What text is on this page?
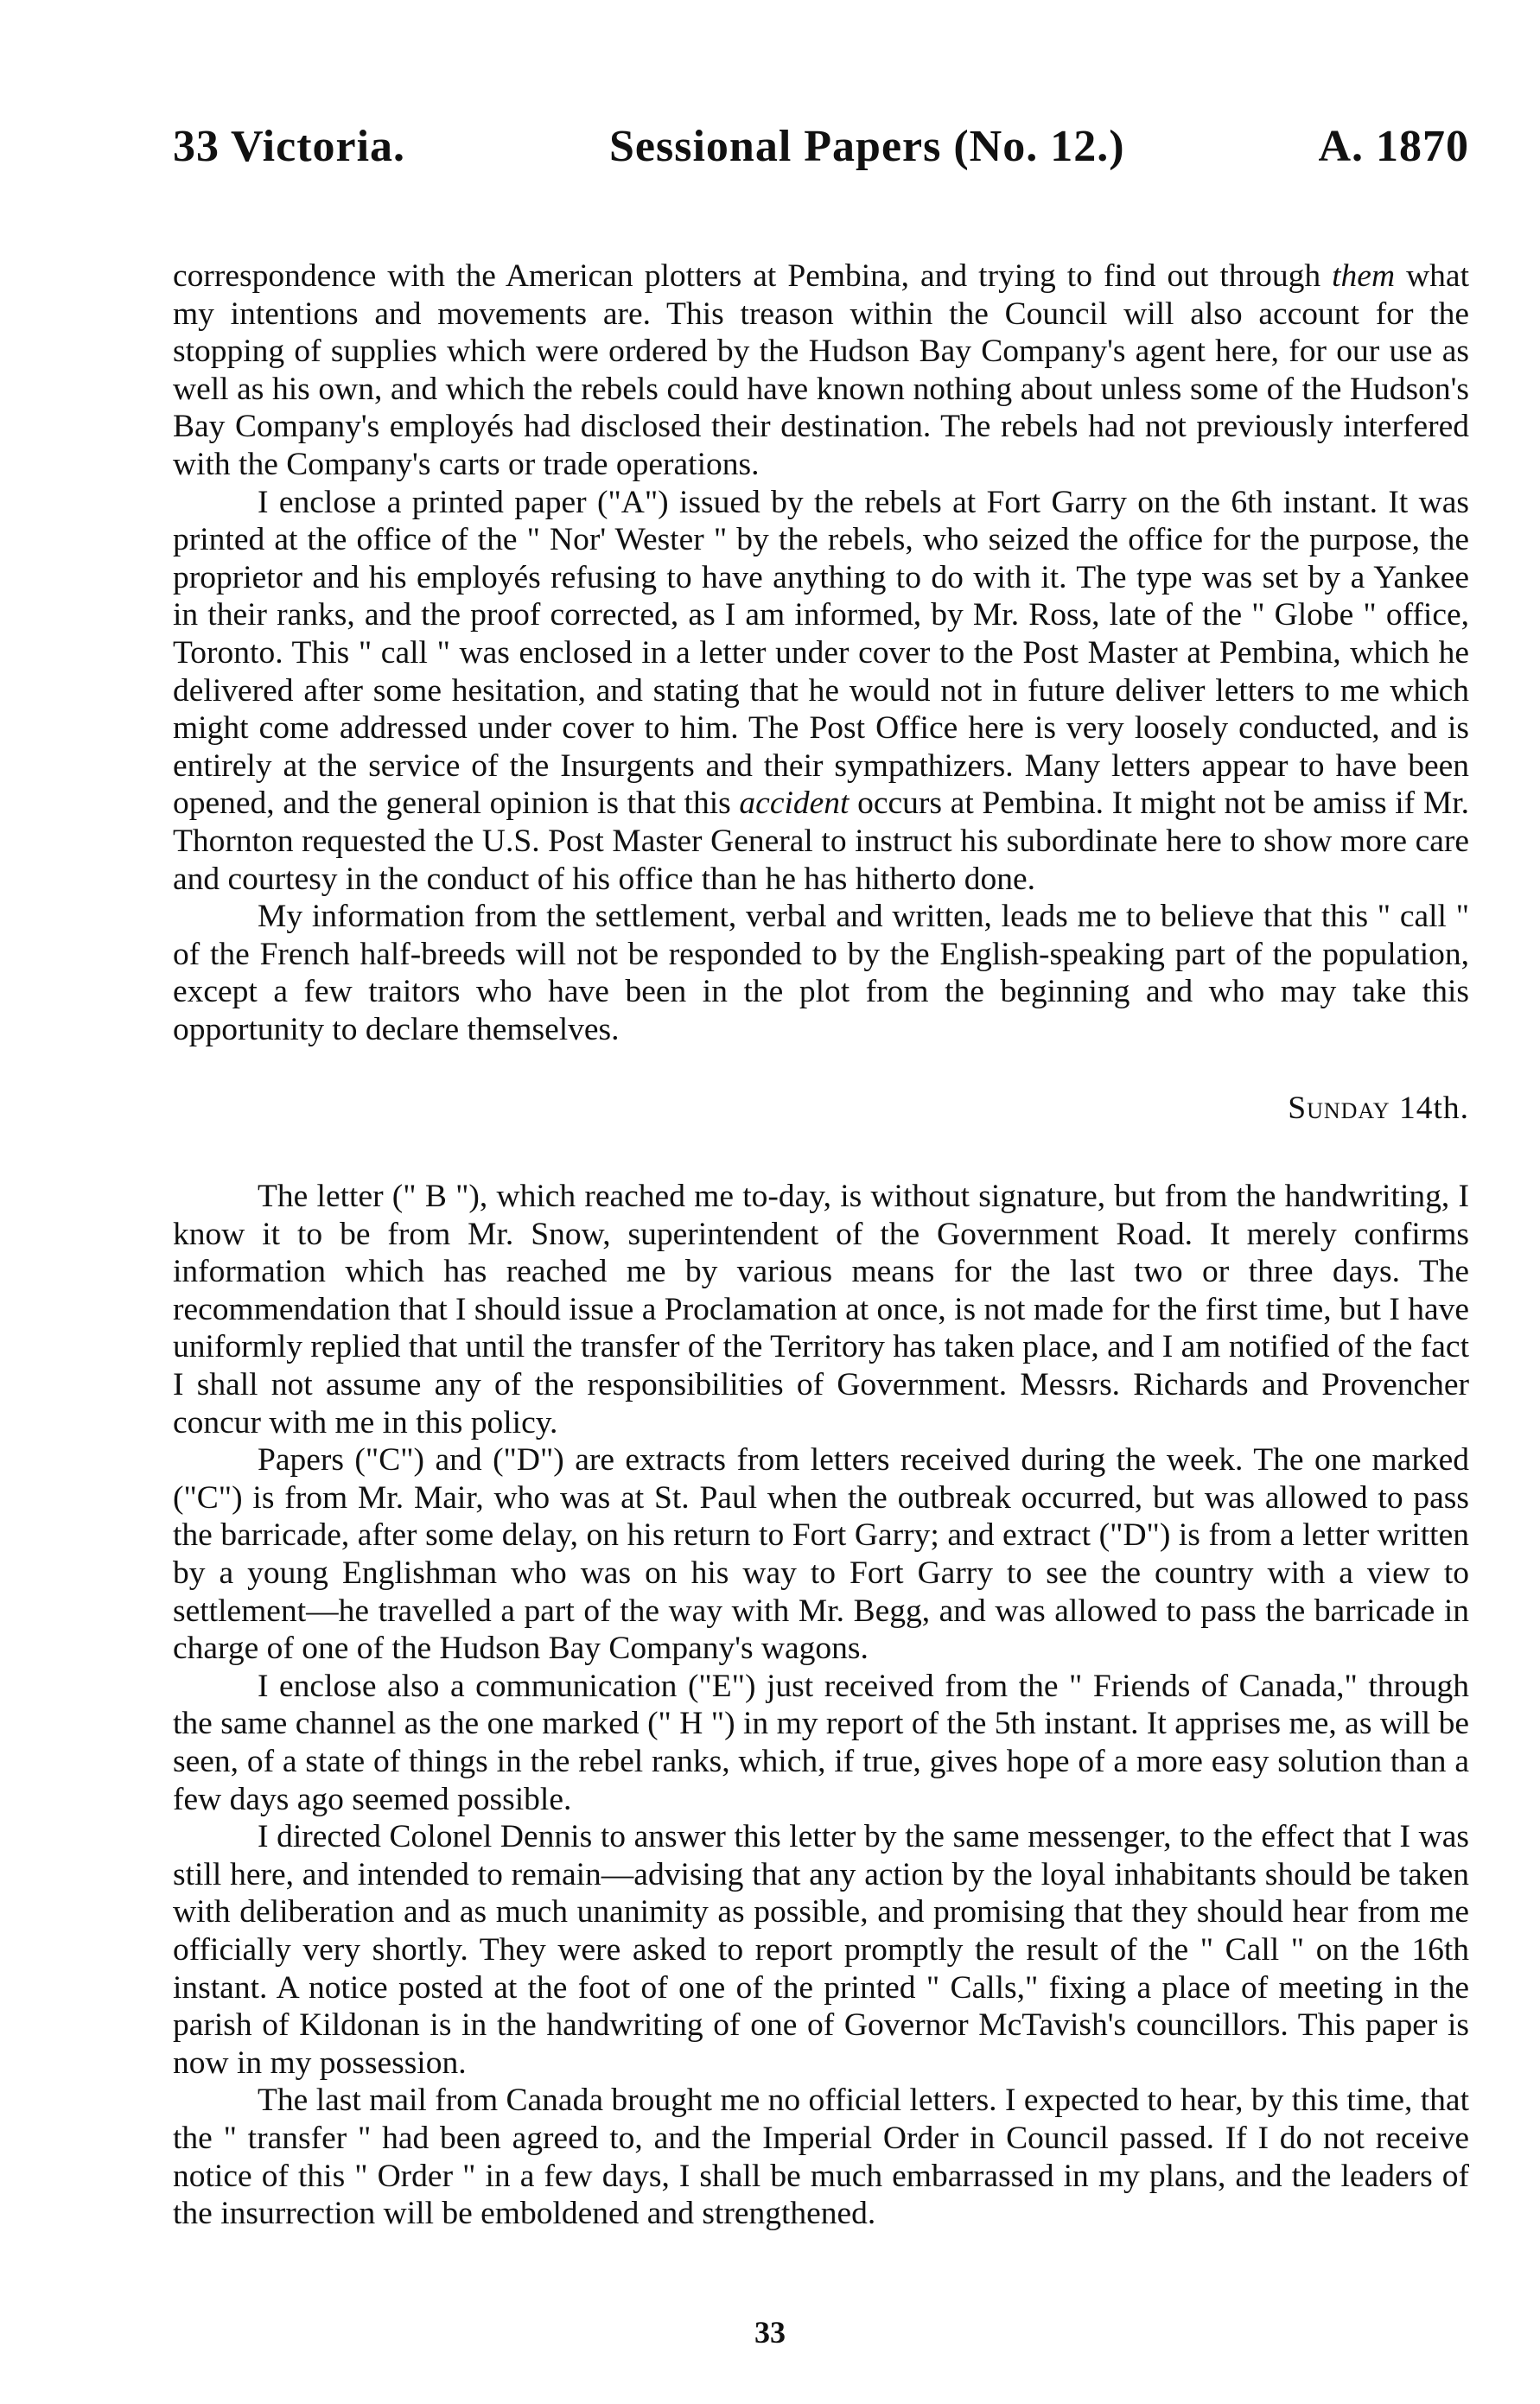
33 Victoria.	Sessional Papers (No. 12.)	A. 1870

correspondence with the American plotters at Pembina, and trying to find out through them what my intentions and movements are. This treason within the Council will also account for the stopping of supplies which were ordered by the Hudson Bay Company's agent here, for our use as well as his own, and which the rebels could have known nothing about unless some of the Hudson's Bay Company's employés had disclosed their destination. The rebels had not previously interfered with the Company's carts or trade operations.

I enclose a printed paper ("A") issued by the rebels at Fort Garry on the 6th instant. It was printed at the office of the " Nor' Wester " by the rebels, who seized the office for the purpose, the proprietor and his employés refusing to have anything to do with it. The type was set by a Yankee in their ranks, and the proof corrected, as I am informed, by Mr. Ross, late of the " Globe " office, Toronto. This " call " was enclosed in a letter under cover to the Post Master at Pembina, which he delivered after some hesitation, and stating that he would not in future deliver letters to me which might come addressed under cover to him. The Post Office here is very loosely conducted, and is entirely at the service of the Insurgents and their sympathizers. Many letters appear to have been opened, and the general opinion is that this accident occurs at Pembina. It might not be amiss if Mr. Thornton requested the U.S. Post Master General to instruct his subordinate here to show more care and courtesy in the conduct of his office than he has hitherto done.

My information from the settlement, verbal and written, leads me to believe that this " call " of the French half-breeds will not be responded to by the English-speaking part of the population, except a few traitors who have been in the plot from the beginning and who may take this opportunity to declare themselves.

Sunday 14th.

The letter (" B "), which reached me to-day, is without signature, but from the handwriting, I know it to be from Mr. Snow, superintendent of the Government Road. It merely confirms information which has reached me by various means for the last two or three days. The recommendation that I should issue a Proclamation at once, is not made for the first time, but I have uniformly replied that until the transfer of the Territory has taken place, and I am notified of the fact I shall not assume any of the responsibilities of Government. Messrs. Richards and Provencher concur with me in this policy.

Papers ("C") and ("D") are extracts from letters received during the week. The one marked ("C") is from Mr. Mair, who was at St. Paul when the outbreak occurred, but was allowed to pass the barricade, after some delay, on his return to Fort Garry; and extract ("D") is from a letter written by a young Englishman who was on his way to Fort Garry to see the country with a view to settlement—he travelled a part of the way with Mr. Begg, and was allowed to pass the barricade in charge of one of the Hudson Bay Company's wagons.

I enclose also a communication ("E") just received from the " Friends of Canada," through the same channel as the one marked (" H ") in my report of the 5th instant. It apprises me, as will be seen, of a state of things in the rebel ranks, which, if true, gives hope of a more easy solution than a few days ago seemed possible.

I directed Colonel Dennis to answer this letter by the same messenger, to the effect that I was still here, and intended to remain—advising that any action by the loyal inhabitants should be taken with deliberation and as much unanimity as possible, and promising that they should hear from me officially very shortly. They were asked to report promptly the result of the " Call " on the 16th instant. A notice posted at the foot of one of the printed " Calls," fixing a place of meeting in the parish of Kildonan is in the handwriting of one of Governor McTavish's councillors. This paper is now in my possession.

The last mail from Canada brought me no official letters. I expected to hear, by this time, that the " transfer " had been agreed to, and the Imperial Order in Council passed. If I do not receive notice of this " Order " in a few days, I shall be much embarrassed in my plans, and the leaders of the insurrection will be emboldened and strengthened.

33
